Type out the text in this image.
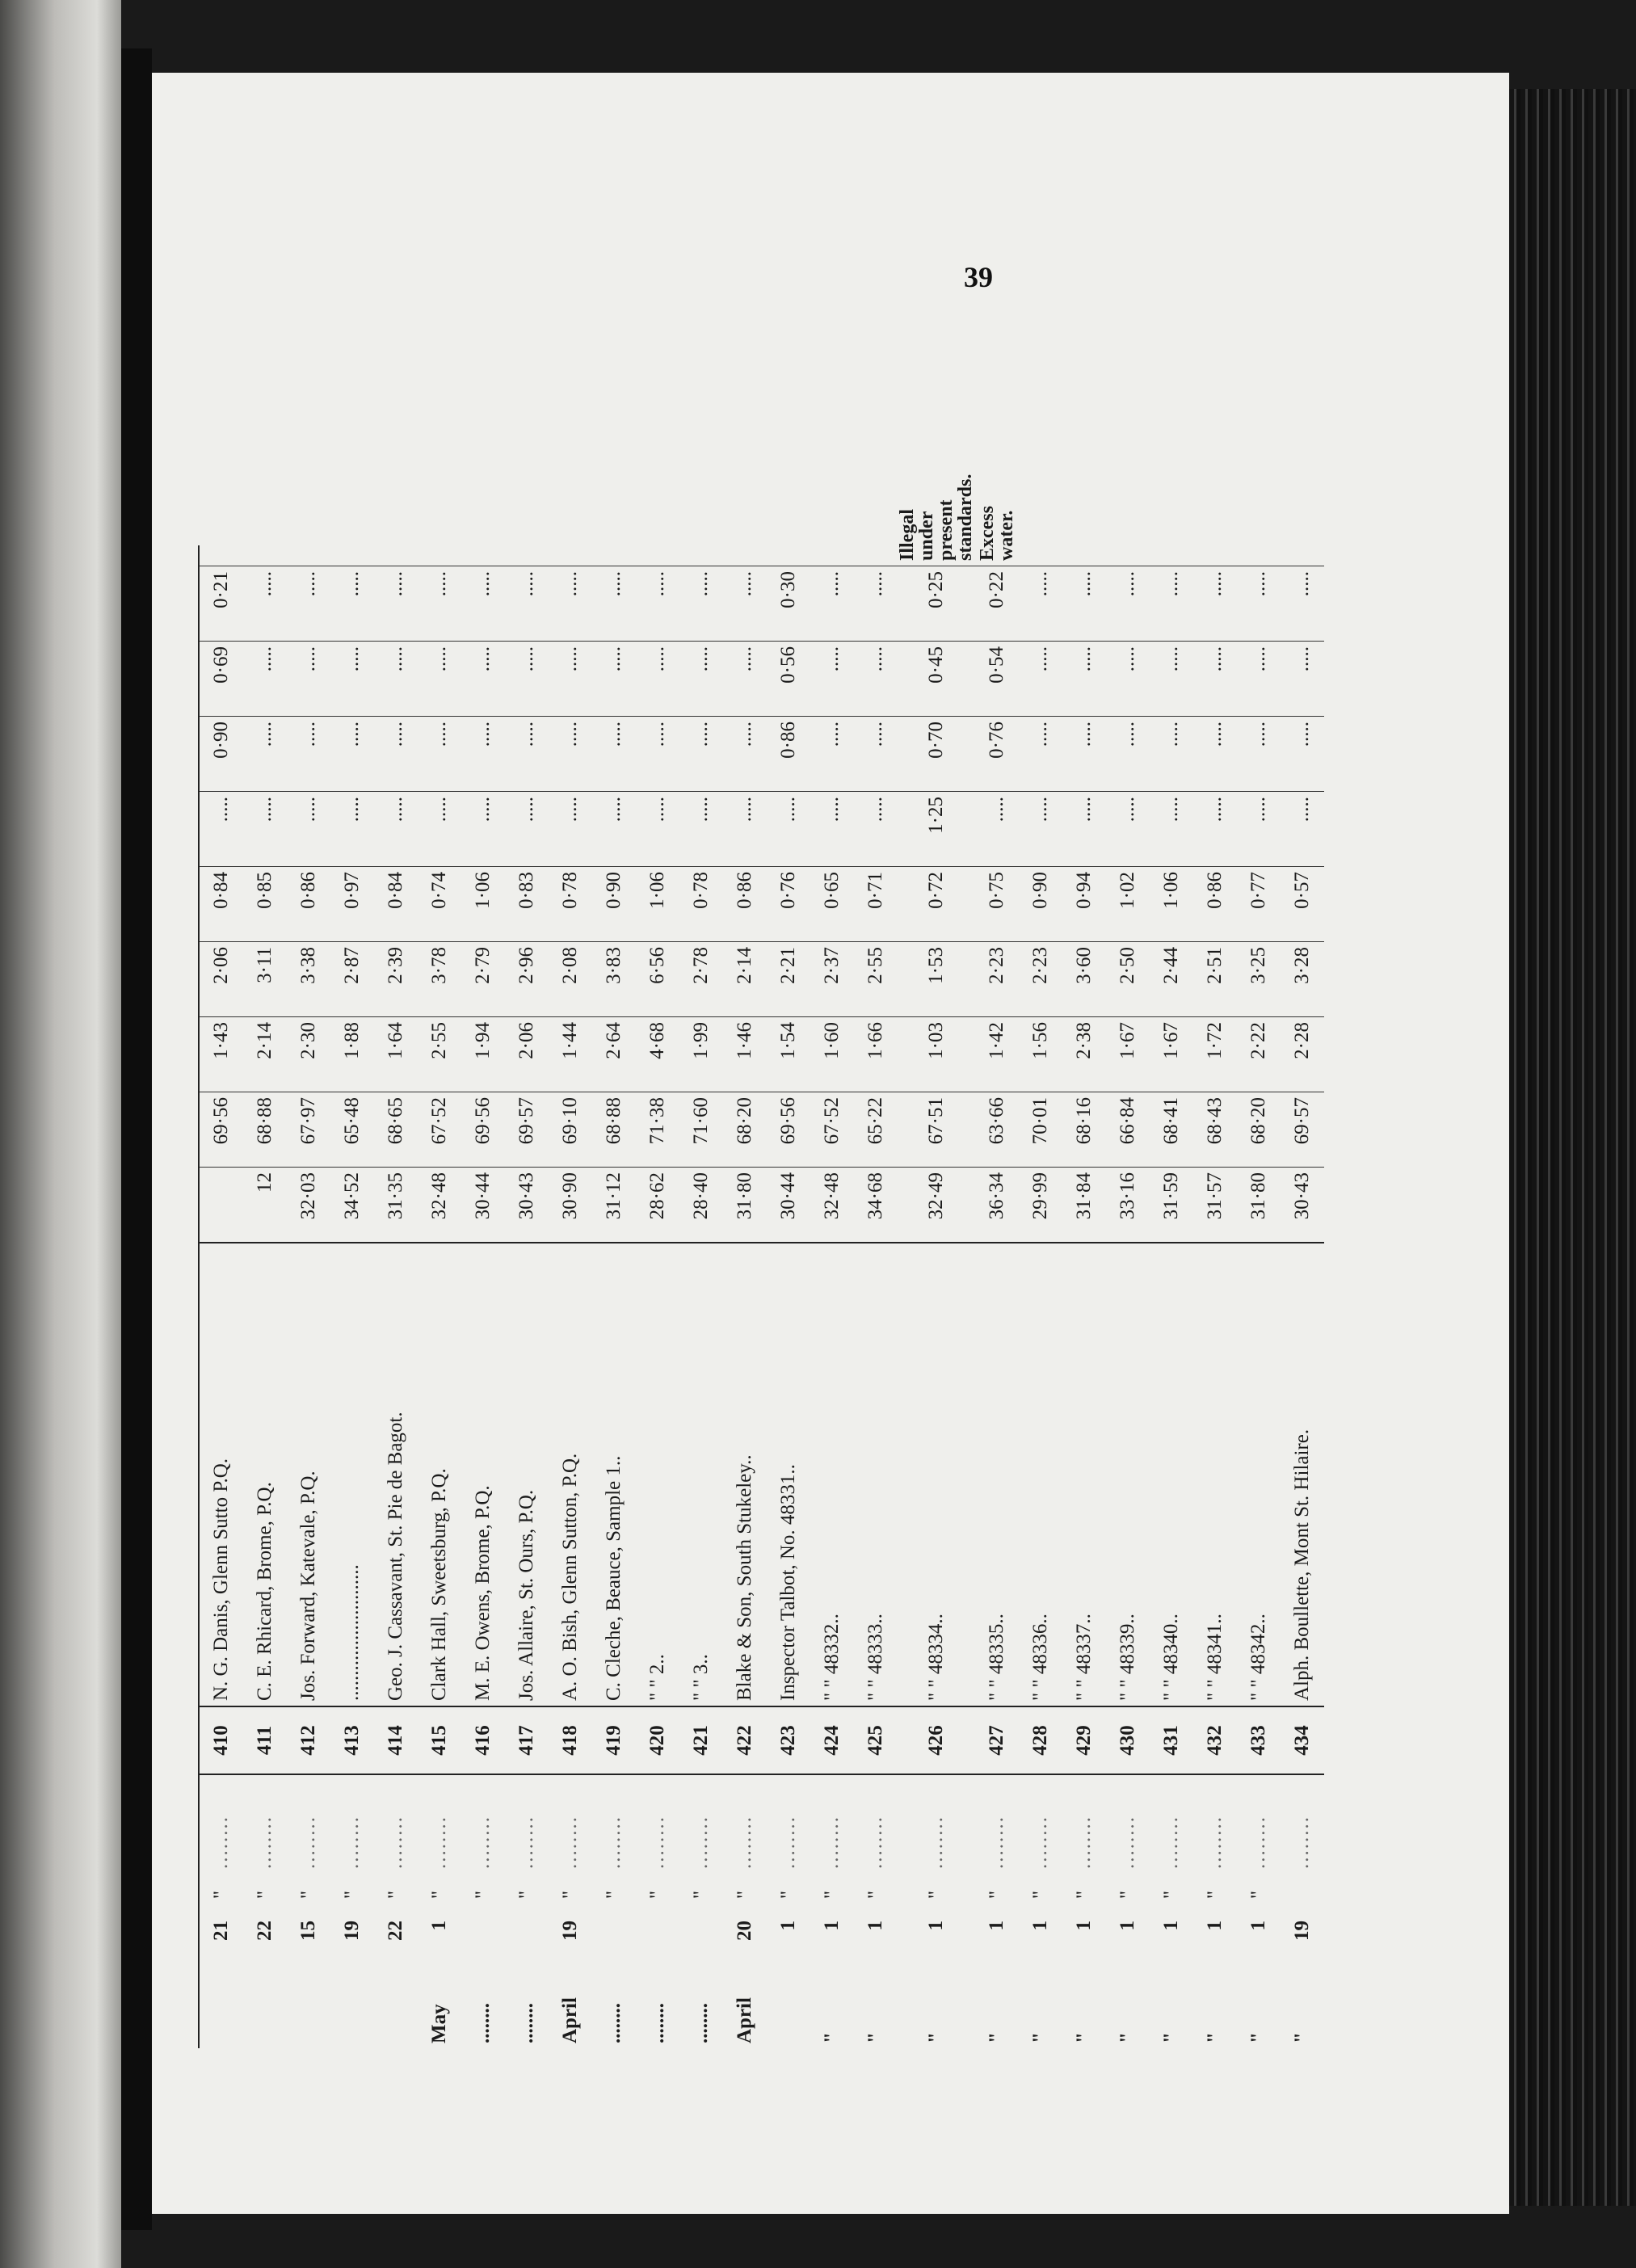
39
	21	"	........	410	N. G. Danis, Glenn Sutto P.Q.		69·56	1·43	2·06	0·84	.....	0·90	0·69	0·21	
	22	"	........	411	C. E. Rhicard, Brome, P.Q.	12	68·88	2·14	3·11	0·85	.....	.....	.....	.....	
	15	"	........	412	Jos. Forward, Katevale, P.Q.	32·03	67·97	2·30	3·38	0·86	.....	.....	.....	.....	
	19	"	........	413	...........................	34·52	65·48	1·88	2·87	0·97	.....	.....	.....	.....	
	22	"	........	414	Geo. J. Cassavant, St. Pie de Bagot.	31·35	68·65	1·64	2·39	0·84	.....	.....	.....	.....	
May	1	"	........	415	Clark Hall, Sweetsburg, P.Q.	32·48	67·52	2·55	3·78	0·74	.....	.....	.....	.....	
........		"	........	416	M. E. Owens, Brome, P.Q.	30·44	69·56	1·94	2·79	1·06	.....	.....	.....	.....	
........		"	........	417	Jos. Allaire, St. Ours, P.Q.	30·43	69·57	2·06	2·96	0·83	.....	.....	.....	.....	
April	19	"	........	418	A. O. Bish, Glenn Sutton, P.Q.	30·90	69·10	1·44	2·08	0·78	.....	.....	.....	.....	
........		"	........	419	C. Cleche, Beauce, Sample 1..	31·12	68·88	2·64	3·83	0·90	.....	.....	.....	.....	
........		"	........	420	" " 2..	28·62	71·38	4·68	6·56	1·06	.....	.....	.....	.....	
........		"	........	421	" " 3..	28·40	71·60	1·99	2·78	0·78	.....	.....	.....	.....	
April	20	"	........	422	Blake & Son, South Stukeley..	31·80	68·20	1·46	2·14	0·86	.....	.....	.....	.....	
	1	"	........	423	Inspector Talbot, No. 48331..	30·44	69·56	1·54	2·21	0·76	.....	0·86	0·56	0·30	
"	1	"	........	424	" " 48332..	32·48	67·52	1·60	2·37	0·65	.....	.....	.....	.....	
"	1	"	........	425	" " 48333..	34·68	65·22	1·66	2·55	0·71	.....	.....	.....	.....	
"	1	"	........	426	" " 48334..	32·49	67·51	1·03	1·53	0·72	1·25	0·70	0·45	0·25	
"	1	"	........	427	" " 48335..	36·34	63·66	1·42	2·23	0·75	.....	0·76	0·54	0·22	
"	1	"	........	428	" " 48336..	29·99	70·01	1·56	2·23	0·90	.....	.....	.....	.....	
"	1	"	........	429	" " 48337..	31·84	68·16	2·38	3·60	0·94	.....	.....	.....	.....	
"	1	"	........	430	" " 48339..	33·16	66·84	1·67	2·50	1·02	.....	.....	.....	.....	
"	1	"	........	431	" " 48340..	31·59	68·41	1·67	2·44	1·06	.....	.....	.....	.....	
"	1	"	........	432	" " 48341..	31·57	68·43	1·72	2·51	0·86	.....	.....	.....	.....	
"	1	"	........	433	" " 48342..	31·80	68·20	2·22	3·25	0·77	.....	.....	.....	.....	
"	19		........	434	Alph. Boullette, Mont St. Hilaire.	30·43	69·57	2·28	3·28	0·57	.....	.....	.....	.....	
